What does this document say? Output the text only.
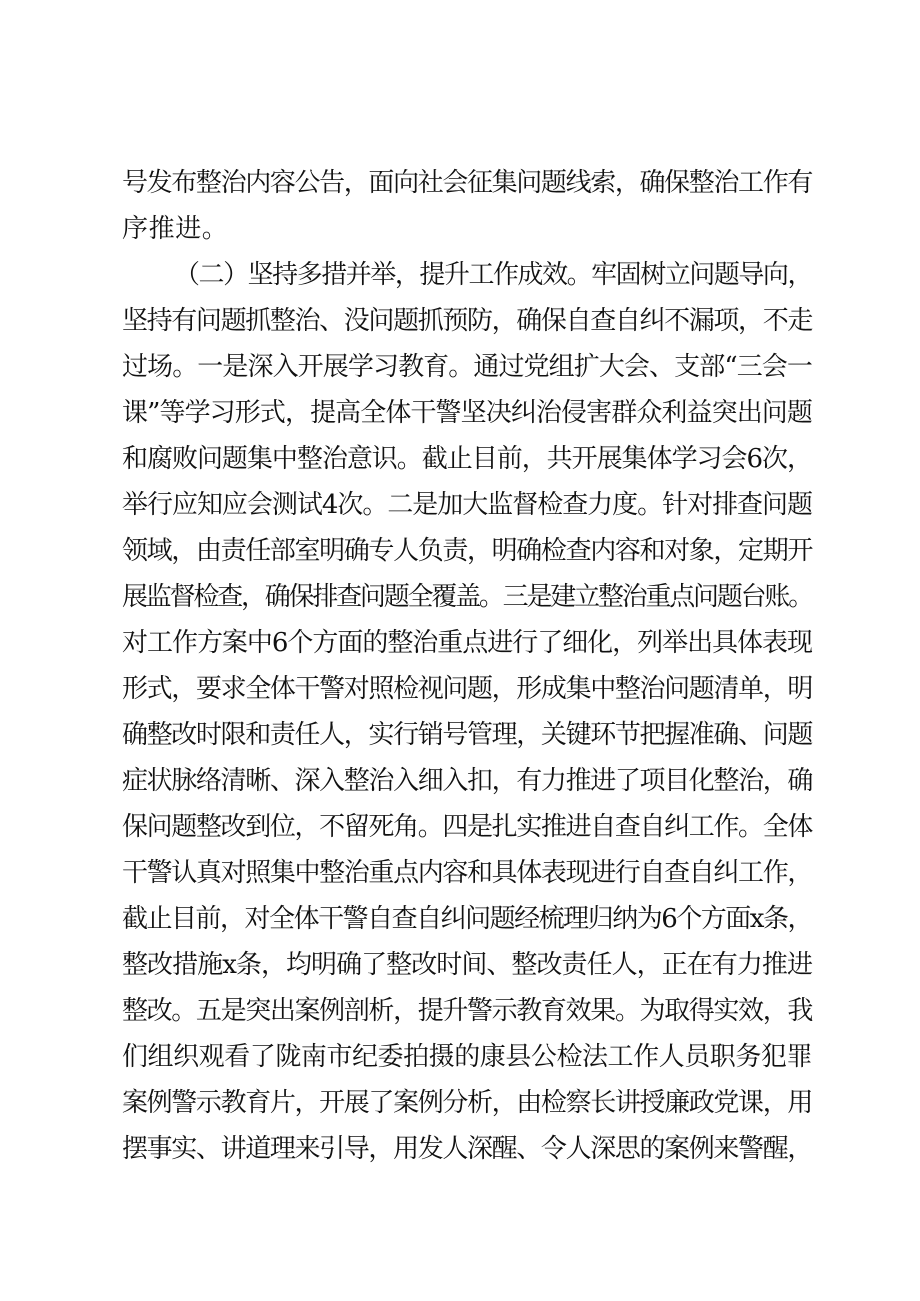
号发布整治内容公告，面向社会征集问题线索，确保整治工作有
序推进。
（二）坚持多措并举，提升工作成效。牢固树立问题导向，
坚持有问题抓整治、没问题抓预防，确保自查自纠不漏项，不走
过场。一是深入开展学习教育。通过党组扩大会、支部“三会一
课”等学习形式，提高全体干警坚决纠治侵害群众利益突出问题
和腐败问题集中整治意识。截止目前，共开展集体学习会6次，
举行应知应会测试4次。二是加大监督检查力度。针对排查问题
领域，由责任部室明确专人负责，明确检查内容和对象，定期开
展监督检查，确保排查问题全覆盖。三是建立整治重点问题台账。
对工作方案中6个方面的整治重点进行了细化，列举出具体表现
形式，要求全体干警对照检视问题，形成集中整治问题清单，明
确整改时限和责任人，实行销号管理，关键环节把握准确、问题
症状脉络清晰、深入整治入细入扣，有力推进了项目化整治，确
保问题整改到位，不留死角。四是扎实推进自查自纠工作。全体
干警认真对照集中整治重点内容和具体表现进行自查自纠工作，
截止目前，对全体干警自查自纠问题经梳理归纳为6个方面x条，
整改措施x条，均明确了整改时间、整改责任人，正在有力推进
整改。五是突出案例剖析，提升警示教育效果。为取得实效，我
们组织观看了陇南市纪委拍摄的康县公检法工作人员职务犯罪
案例警示教育片，开展了案例分析，由检察长讲授廉政党课，用
摆事实、讲道理来引导，用发人深醒、令人深思的案例来警醒，
